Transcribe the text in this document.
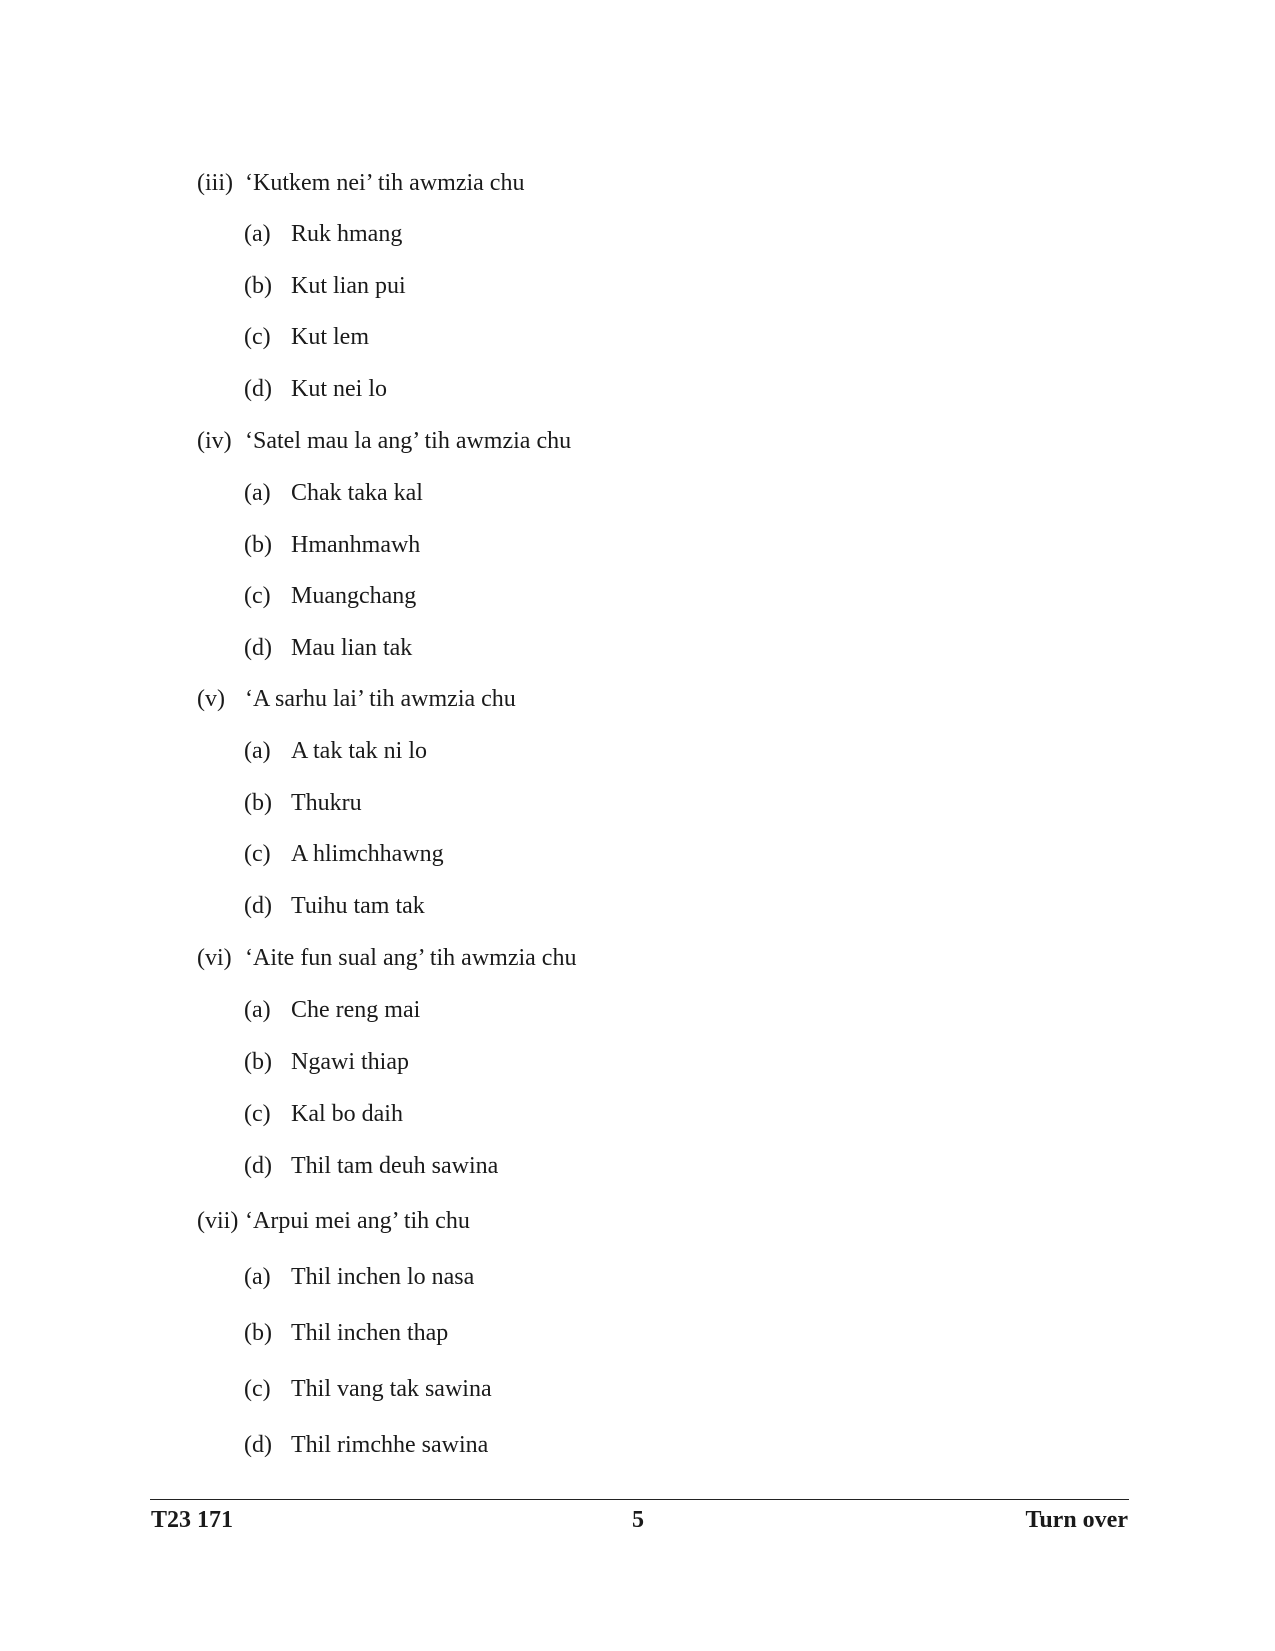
(iii) ‘Kutkem nei’ tih awmzia chu
(a) Ruk hmang
(b) Kut lian pui
(c) Kut lem
(d) Kut nei lo
(iv) ‘Satel mau la ang’ tih awmzia chu
(a) Chak taka kal
(b) Hmanhmawh
(c) Muangchang
(d) Mau lian tak
(v) ‘A sarhu lai’ tih awmzia chu
(a) A tak tak ni lo
(b) Thukru
(c) A hlimchhawng
(d) Tuihu tam tak
(vi) ‘Aite fun sual ang’ tih awmzia chu
(a) Che reng mai
(b) Ngawi thiap
(c) Kal bo daih
(d) Thil tam deuh sawina
(vii) ‘Arpui mei ang’ tih chu
(a) Thil inchen lo nasa
(b) Thil inchen thap
(c) Thil vang tak sawina
(d) Thil rimchhe sawina
T23 171	5	Turn over
